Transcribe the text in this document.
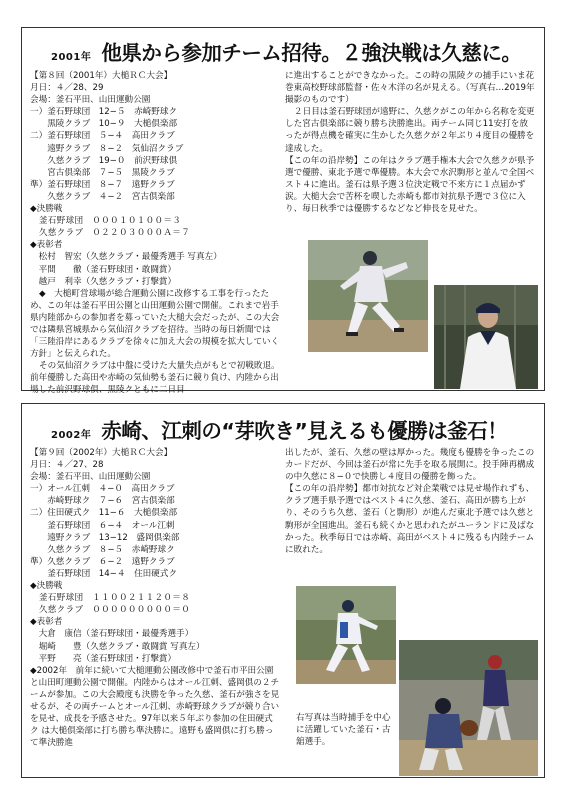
2001年 他県から参加チーム招待。２強決戦は久慈に。
【第８回（2001年）大槌ＲＣ大会】
月日：４／28、29
会場：釜石平田、山田運動公園
一）釜石野球団　12−５　赤崎野球ク
　　黒陵クラブ　10−９　大槌倶楽部
二）釜石野球団　５−４　高田クラブ
　　遠野クラブ　８−２　気仙沼クラブ
　　久慈クラブ　19−０　前沢野球倶
　　宮古倶楽部　７−５　黒陵クラブ
準）釜石野球団　８−７　遠野クラブ
　　久慈クラブ　４−２　宮古倶楽部
◆決勝戦
　釜石野球団　０００１０１００＝３
　久慈クラブ　０２２０３０００Ａ＝７
◆表彰者
　松村　智宏（久慈クラブ・最優秀選手 写真左）
　平間　　徹（釜石野球団・敢闘賞）
　越戸　利幸（久慈クラブ・打撃賞）

◆　大槌町営球場が総合運動公園に改修する工事を行ったため、この年は釜石平田公園と山田運動公園で開催。これまで岩手県内陸部からの参加者を募っていた大槌大会だったが、この大会では隣県宮城県から気仙沼クラブを招待。当時の毎日新聞では「三陸沿岸にあるクラブを徐々に加え大会の規模を拡大していく方針」と伝えられた。

その気仙沼クラブは中盤に受けた大量失点がもとで初戦敗退。前年優勝した高田や赤崎の気仙勢も釜石に競り負け、内陸から出場した前沢野球倶、黒陵クともに二日目

に進出することができなかった。この時の黒陵クの捕手にいま花巻東高校野球部監督・佐々木洋の名が見える。（写真右…2019年撮影のものです）

２日目は釜石野球団が遠野に、久慈クがこの年から名称を変更した宮古倶楽部に競り勝ち決勝進出。両チーム同じ11安打を放ったが得点機を確実に生かした久慈クが２年ぶり４度目の優勝を達成した。

【この年の沿岸勢】この年はクラブ選手権本大会で久慈クが県予選で優勝、東北予選で準優勝。本大会で水沢駒形と並んで全国ベスト４に進出。釜石は県予選３位決定戦で不来方に１点届かず涙。大槌大会で苦杯を喫した赤崎も都市対抗県予選で３位に入り、毎日秋季では優勝するなどなど伸長を見せた。

2002年 赤崎、江刺の“芽吹き”見えるも優勝は釜石！
【第９回（2002年）大槌ＲＣ大会】
月日：４／27、28
会場：釜石平田、山田運動公園
一）オール江刺　４−０　高田クラブ
　　赤崎野球ク　７−６　宮古倶楽部
二）住田硬式ク　11−６　大槌倶楽部
　　釜石野球団　６−４　オール江刺
　　遠野クラブ　13−12　盛岡倶楽部
　　久慈クラブ　８−５　赤崎野球ク
準）久慈クラブ　６−２　遠野クラブ
　　釜石野球団　14−４　住田硬式ク
◆決勝戦
　釜石野球団　１１００２１１２０＝８
　久慈クラブ　０００００００００＝０
◆表彰者
　大倉　康信（釜石野球団・最優秀選手）
　堀崎　　豊（久慈クラブ・敢闘賞 写真左）
　平野　　亮（釜石野球団・打撃賞）

◆2002年　前年に続いて大槌運動公園改修中で釜石市平田公園と山田町運動公園で開催。内陸からはオール江刺、盛岡倶の２チームが参加。この大会殿度も決勝を争った久慈、釜石が強さを見せるが、その両チームとオール江刺、赤崎野球クラブが競り合いを見せ、成長を予感させた。97年以来５年ぶり参加の住田硬式ク は大槌倶楽部に打ち勝ち準決勝に。遠野も盛岡倶に打ち勝って準決勝進

出したが、釜石、久慈の壁は厚かった。幾度も優勝を争ったこのカードだが、今回は釜石が常に先手を取る展開に。投手陣再構成の中久慈に８−０で快勝し４度目の優勝を飾った。

【この年の沿岸勢】都市対抗など対企業戦では見せ場作れずも、クラブ選手県予選ではベスト４に久慈、釜石、高田が勝ち上がり、そのうち久慈、釜石（と駒形）が進んだ東北予選では久慈と駒形が全国進出。釜石も続くかと思われたがユーランドに及ばなかった。秋季毎日では赤崎、高田がベスト４に残るも内陸チームに敗れた。

右写真は当時捕手を中心に活躍していた釜石・古舘選手。
